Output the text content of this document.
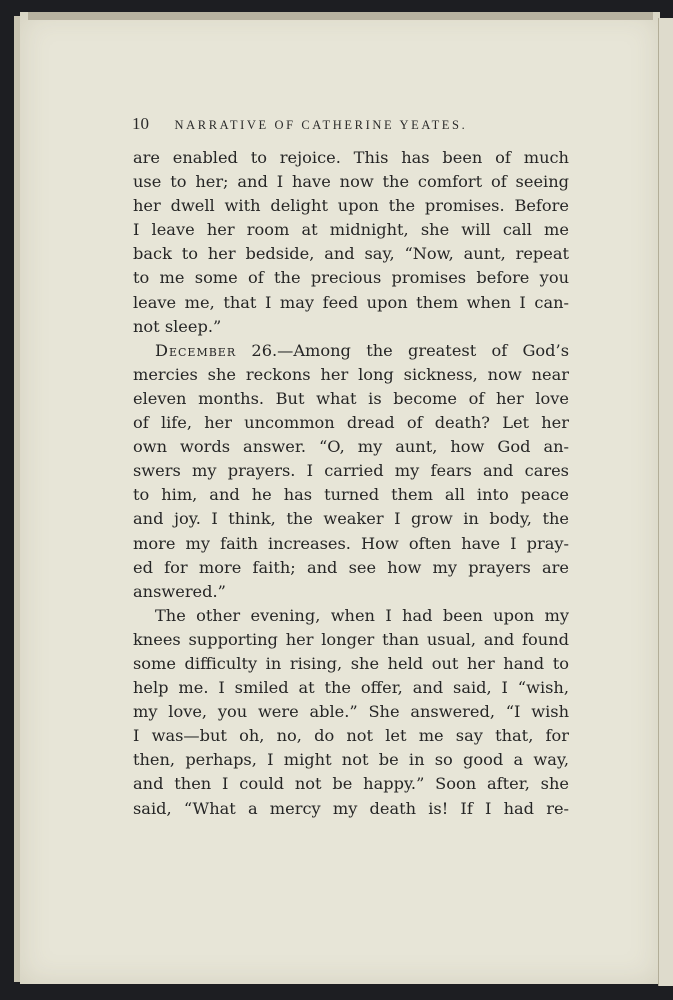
10 NARRATIVE OF CATHERINE YEATES.
are enabled to rejoice. This has been of much
use to her; and I have now the comfort of seeing
her dwell with delight upon the promises. Before
I leave her room at midnight, she will call me
back to her bedside, and say, “Now, aunt, repeat
to me some of the precious promises before you
leave me, that I may feed upon them when I can-
not sleep.”
December 26.—Among the greatest of God’s
mercies she reckons her long sickness, now near
eleven months. But what is become of her love
of life, her uncommon dread of death? Let her
own words answer. “O, my aunt, how God an-
swers my prayers. I carried my fears and cares
to him, and he has turned them all into peace
and joy. I think, the weaker I grow in body, the
more my faith increases. How often have I pray-
ed for more faith; and see how my prayers are
answered.”
The other evening, when I had been upon my
knees supporting her longer than usual, and found
some difficulty in rising, she held out her hand to
help me. I smiled at the offer, and said, I “wish,
my love, you were able.” She answered, “I wish
I was—but oh, no, do not let me say that, for
then, perhaps, I might not be in so good a way,
and then I could not be happy.” Soon after, she
said, “What a mercy my death is! If I had re-
